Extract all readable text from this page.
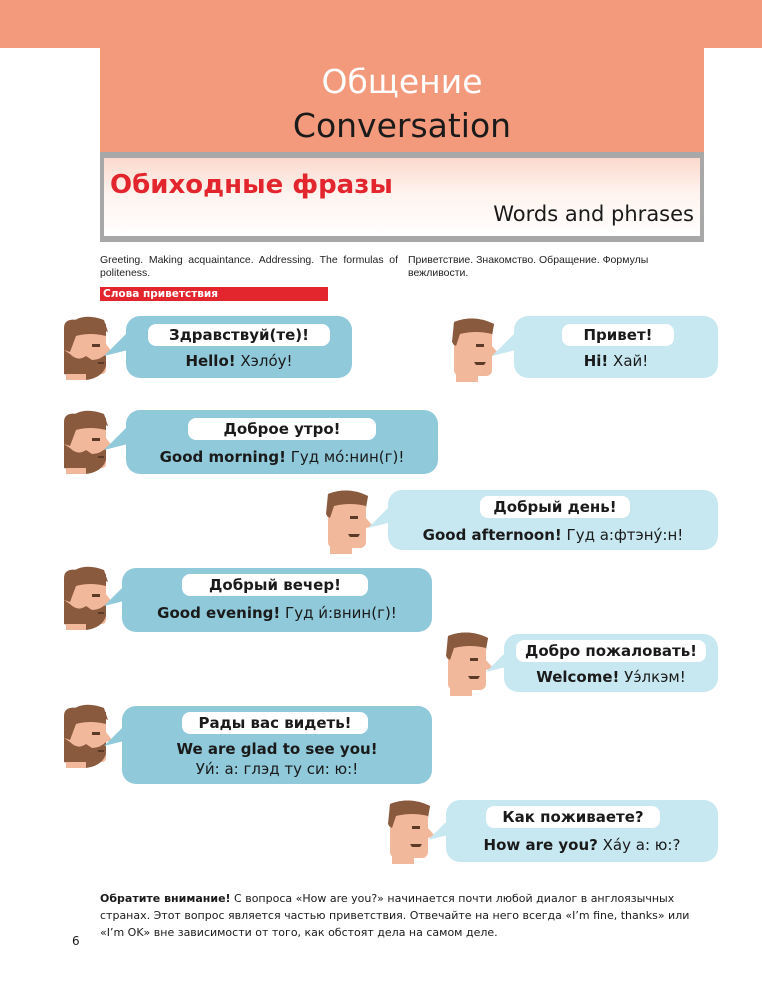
Общение
Conversation
Обиходные фразы
Words and phrases
Greeting. Making acquaintance. Addressing. The formulas of politeness.
Приветствие. Знакомство. Обращение. Формулы вежливости.
Слова приветствия
Здравствуй(те)!
Hello! Хэло́у!
Привет!
Hi! Хай!
Доброе утро!
Good morning! Гуд мо́:нин(г)!
Добрый день!
Good afternoon! Гуд а:фтэну́:н!
Добрый вечер!
Good evening! Гуд и́:внин(г)!
Добро пожаловать!
Welcome! Уэ́лкэм!
Рады вас видеть!
We are glad to see you!
Уи́: а: глэд ту си: ю:!
Как поживаете?
How are you? Ха́у а: ю:?
Обратите внимание! С вопроса «How are you?» начинается почти любой диалог в англоязычных странах. Этот вопрос является частью приветствия. Отвечайте на него всегда «I’m fine, thanks» или «I’m OK» вне зависимости от того, как обстоят дела на самом деле.
6
